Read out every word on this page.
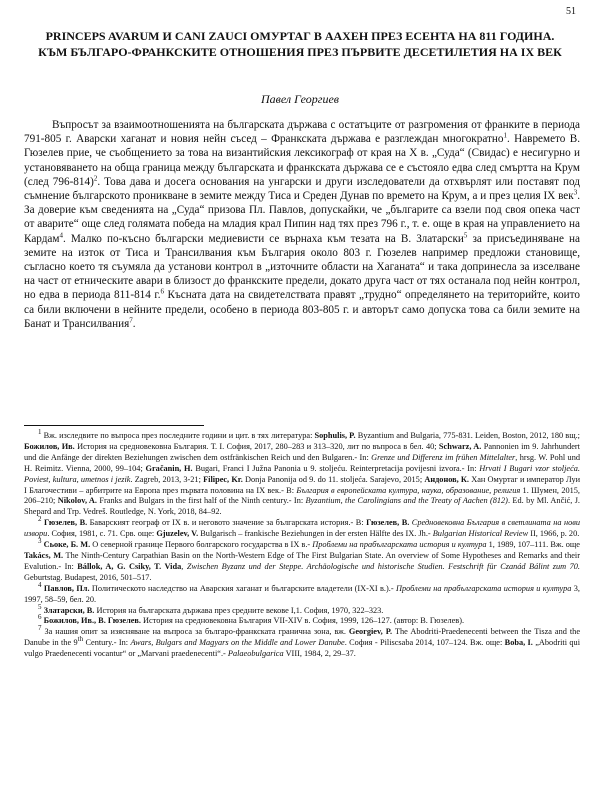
51
PRINCEPS AVARUM И CANI ZAUCI ОМУРТАГ В ААХЕН ПРЕЗ ЕСЕНТА НА 811 ГОДИНА. КЪМ БЪЛГАРО-ФРАНКСКИТЕ ОТНОШЕНИЯ ПРЕЗ ПЪРВИТЕ ДЕСЕТИЛЕТИЯ НА IX ВЕК
Павел Георгиев

Въпросът за взаимоотношенията на българската държава с остатъците от разгромения от франките в периода 791-805 г. Аварски хаганат и новия нейн съсед – Франкската държава е разглеждан многократно$^1$. Навремето В. Гюзелев прие, че съобщението за това на византийския лексикограф от края на Х в. „Суда“ (Свидас) е несигурно и установяването на обща граница между българската и франкската държава се е състояло едва след смъртта на Крум (след 796-814)$^2$. Това дава и досега основания на унгарски и други изследователи да отхвърлят или поставят под съмнение българското проникване в земите между Тиса и Среден Дунав по времето на Крум, а и през целия IX век$^3$. За доверие към сведенията на „Суда“ призова Пл. Павлов, допускайки, че „българите са взели под своя опека част от аварите“ още след голямата победа на младия крал Пипин над тях през 796 г., т. е. още в края на управлението на Кардам$^4$. Малко по-късно български медиевисти се върнаха към тезата на В. Златарски$^5$ за присъединяване на земите на изток от Тиса и Трансилвания към България около 803 г. Гюзелев например предложи становище, съгласно което тя съумяла да установи контрол в „източните области на Хаганата“ и така допринесла за изселване на част от етническите авари в близост до франкските предели, докато друга част от тях останала под нейн контрол, но едва в периода 811-814 г.$^6$ Късната дата на свидетелствата правят „трудно“ определянето на територийте, които са били включени в нейните предели, особено в периода 803-805 г. и авторът само допуска това са били земите на Банат и Трансилвания$^7$.

$^1$ Вж. изследвите по въпроса през последните години и цит. в тях литература: Sophulis, P. Byzantium and Bulgaria, 775-831. Leiden, Boston, 2012, 180 вщ.; Божилов, Ив. История на средновековна България. Т. I. София, 2017, 280–283 и 313–320, лит по въпроса в бел. 40; Schwarz, A. Pannonien im 9. Jahrhundert und die Anfänge der direkten Beziehungen zwischen dem ostfränkischen Reich und den Bulgaren.- In: Grenze und Differenz im frühen Mittelalter, hrsg. W. Pohl und H. Reimitz. Vienna, 2000, 99–104; Gračanin, H. Bugari, Franci I Južna Panonia u 9. stoljeću. Reinterpretacija povijesni izvora.- In: Hrvati I Bugari vzor stoljeća. Poviest, kultura, umetnos i jezik. Zagreb, 2013, 3-21; Filipec, Kr. Donja Panonija od 9. do 11. stoljeća. Sarajevo, 2015; Андонов, К. Хан Омуртаг и император Луи I Благочестиви – арбитрите на Европа през първата половина на IX век.- В: България в европейската култура, наука, образование, религия 1. Шумен, 2015, 206–210; Nikolov, A. Franks and Bulgars in the first half of the Ninth century.- In: Byzantium, the Carolingians and the Treaty of Aachen (812). Ed. by Ml. Ančić, J. Shepard and Trp. Vedreš. Routledge, N. York, 2018, 84–92.

$^2$ Гюзелев, В. Баварският географ от IX в. и неговото значение за българската история.- В: Гюзелев, В. Средновековна България в светлината на нови извори. София, 1981, с. 71. Срв. още: Gjuzelev, V. Bulgarisch – frankische Beziehungen in der ersten Hälfte des IX. Jh.- Bulgarian Historical Review II, 1966, p. 20.

$^3$ Сьоке, Б. М. О северной границе Первого болгарского государства в IX в.- Проблеми на прабългарската история и култура 1, 1989, 107–111. Вж. още Takács, M. The Ninth-Century Carpathian Basin on the North-Western Edge of The First Bulgarian State. An overview of Some Hypotheses and Remarks and their Evalution.- In: Bállok, A, G. Csiky, T. Vida, Zwischen Byzanz und der Steppe. Archäologische und historische Studien. Festschrift für Czanád Bálint zum 70. Geburtstag. Budapest, 2016, 501–517.

$^4$ Павлов, Пл. Политическото наследство на Аварския хаганат и българските владетели (IX-XI в.).- Проблеми на прабългарската история и култура 3, 1997, 58–59, бел. 20.

$^5$ Златарски, В. История на българската държава през средните векове I,1. София, 1970, 322–323.

$^6$ Божилов, Ив., В. Гюзелев. История на средновековна България VII-XIV в. София, 1999, 126–127. (автор: В. Гюзелев).

$^7$ За нашия опит за изясняване на въпроса за българо-франкската гранична зона, вж. Georgiev, P. The Abodriti-Praedenecenti between the Tisza and the Danube in the 9th Century.- In: Awars, Bulgars and Magyars on the Middle and Lower Danube. София - Pilisсsaba 2014, 107–124. Вж. още: Boba, I. „Abodriti qui vulgo Praedenecenti vocantur“ or „Marvani praedenecenti“.- Palaeobulgarica VIII, 1984, 2, 29–37.
